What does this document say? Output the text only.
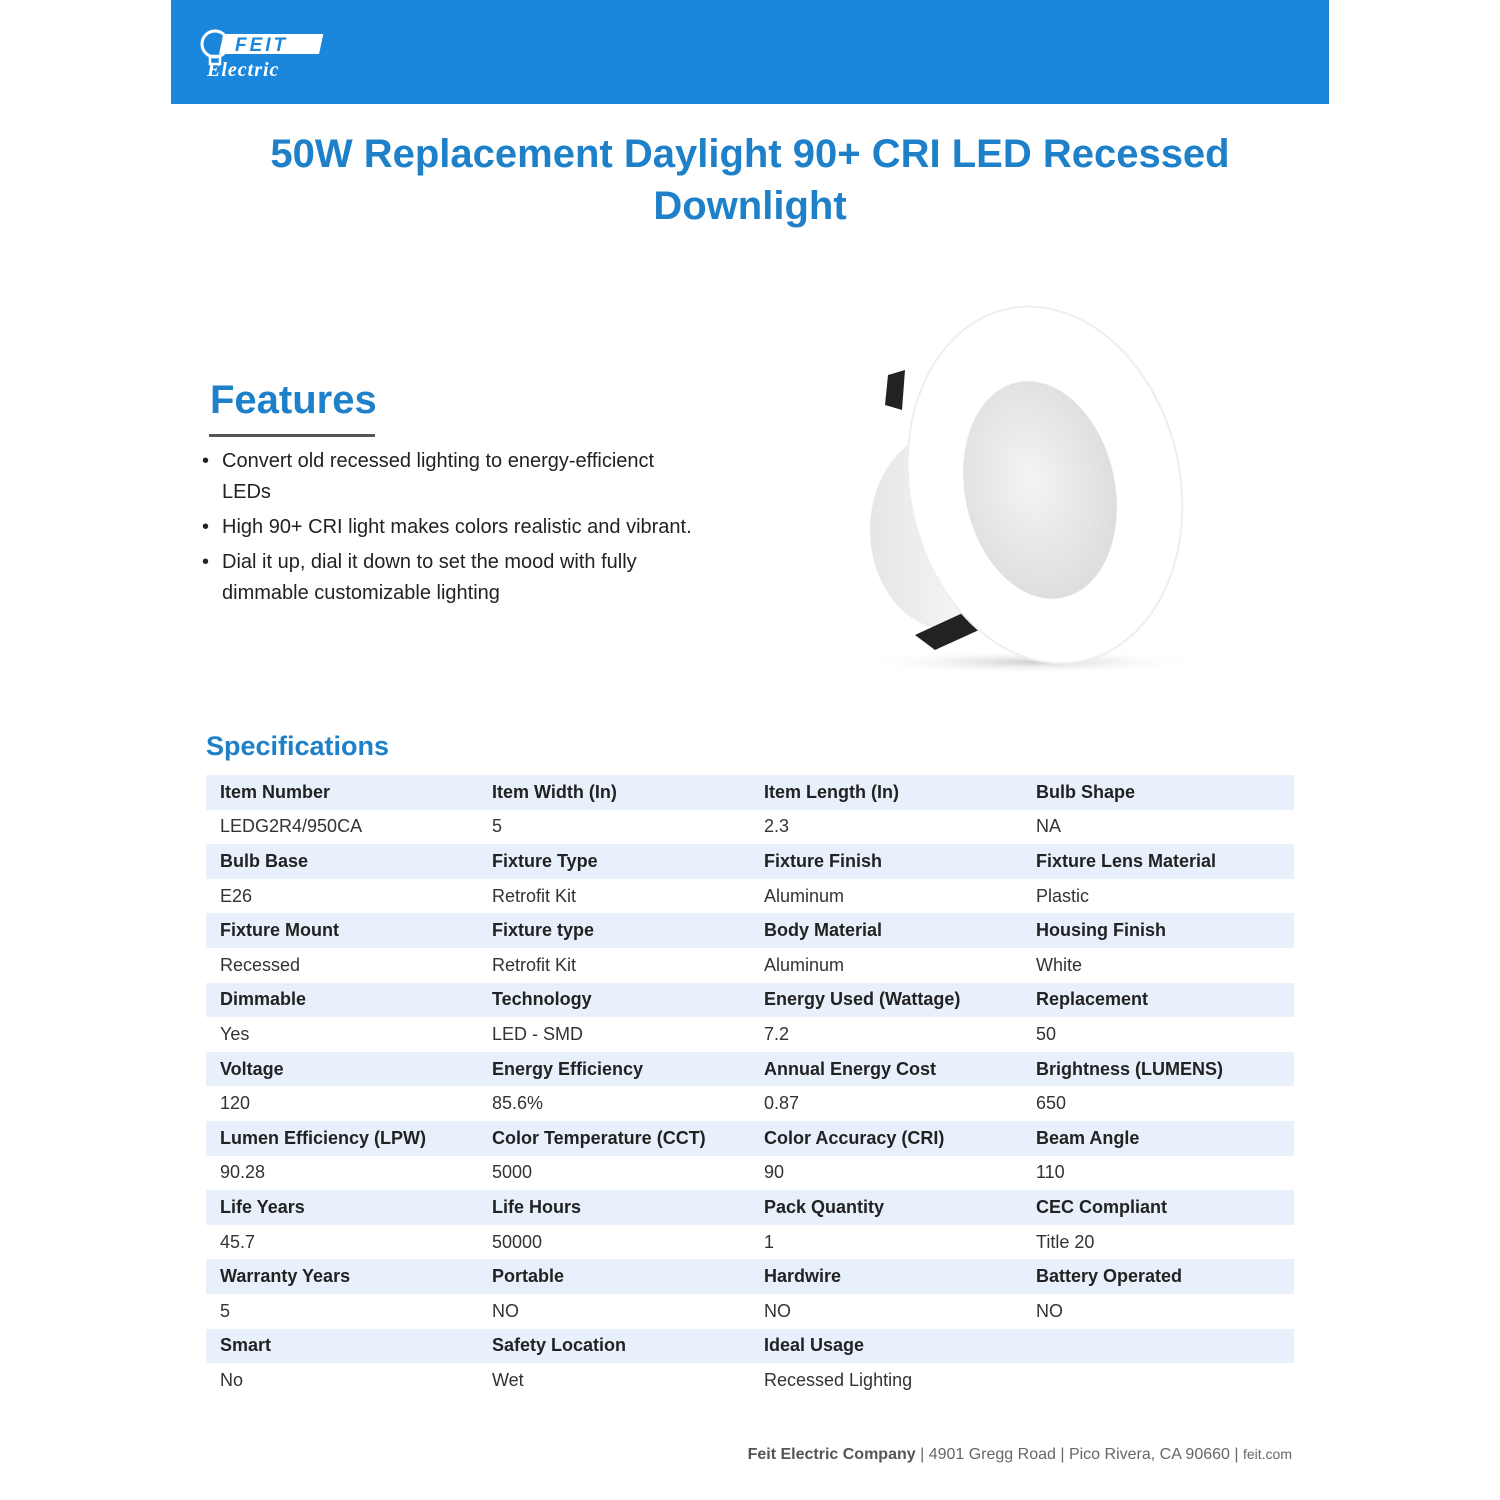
FEIT
Electric
50W Replacement Daylight 90+ CRI LED Recessed Downlight
Features
• Convert old recessed lighting to energy-efficienct LEDs
• High 90+ CRI light makes colors realistic and vibrant.
• Dial it up, dial it down to set the mood with fully dimmable customizable lighting
Specifications
Item Number	Item Width (In)	Item Length (In)	Bulb Shape
LEDG2R4/950CA	5	2.3	NA
Bulb Base	Fixture Type	Fixture Finish	Fixture Lens Material
E26	Retrofit Kit	Aluminum	Plastic
Fixture Mount	Fixture type	Body Material	Housing Finish
Recessed	Retrofit Kit	Aluminum	White
Dimmable	Technology	Energy Used (Wattage)	Replacement
Yes	LED - SMD	7.2	50
Voltage	Energy Efficiency	Annual Energy Cost	Brightness (LUMENS)
120	85.6%	0.87	650
Lumen Efficiency (LPW)	Color Temperature (CCT)	Color Accuracy (CRI)	Beam Angle
90.28	5000	90	110
Life Years	Life Hours	Pack Quantity	CEC Compliant
45.7	50000	1	Title 20
Warranty Years	Portable	Hardwire	Battery Operated
5	NO	NO	NO
Smart	Safety Location	Ideal Usage	
No	Wet	Recessed Lighting	
Feit Electric Company | 4901 Gregg Road | Pico Rivera, CA 90660 | feit.com
